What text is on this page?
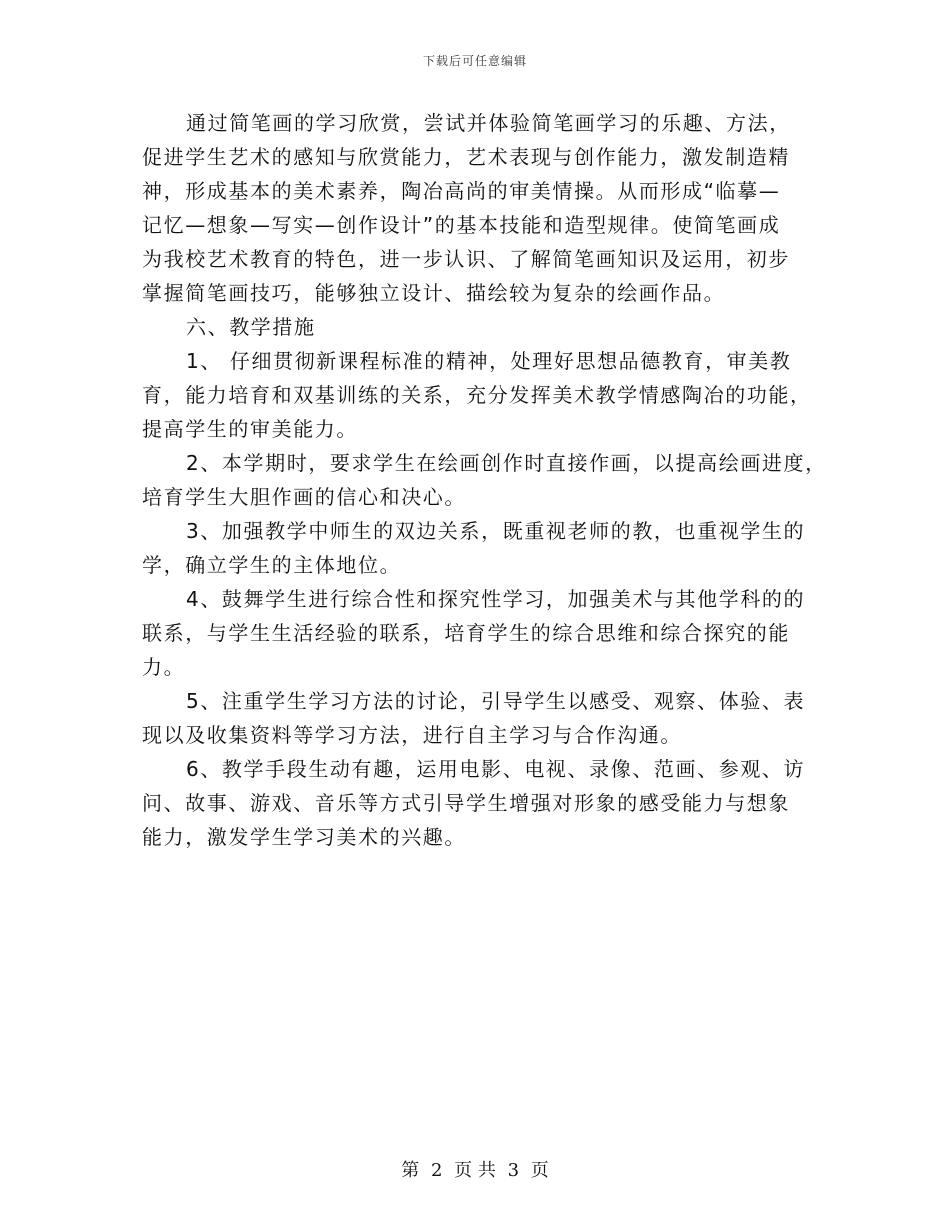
下载后可任意编辑
通过简笔画的学习欣赏，尝试并体验简笔画学习的乐趣、方法，
促进学生艺术的感知与欣赏能力，艺术表现与创作能力，激发制造精
神，形成基本的美术素养，陶冶高尚的审美情操。从而形成“临摹—
记忆—想象—写实—创作设计”的基本技能和造型规律。使简笔画成
为我校艺术教育的特色，进一步认识、了解简笔画知识及运用，初步
掌握简笔画技巧，能够独立设计、描绘较为复杂的绘画作品。
六、教学措施
1、 仔细贯彻新课程标准的精神，处理好思想品德教育，审美教
育，能力培育和双基训练的关系，充分发挥美术教学情感陶冶的功能，
提高学生的审美能力。
2、本学期时，要求学生在绘画创作时直接作画，以提高绘画进度，
培育学生大胆作画的信心和决心。
3、加强教学中师生的双边关系，既重视老师的教，也重视学生的
学，确立学生的主体地位。
4、鼓舞学生进行综合性和探究性学习，加强美术与其他学科的的
联系，与学生生活经验的联系，培育学生的综合思维和综合探究的能
力。
5、注重学生学习方法的讨论，引导学生以感受、观察、体验、表
现以及收集资料等学习方法，进行自主学习与合作沟通。
6、教学手段生动有趣，运用电影、电视、录像、范画、参观、访
问、故事、游戏、音乐等方式引导学生增强对形象的感受能力与想象
能力，激发学生学习美术的兴趣。
第 2 页 共 3 页
